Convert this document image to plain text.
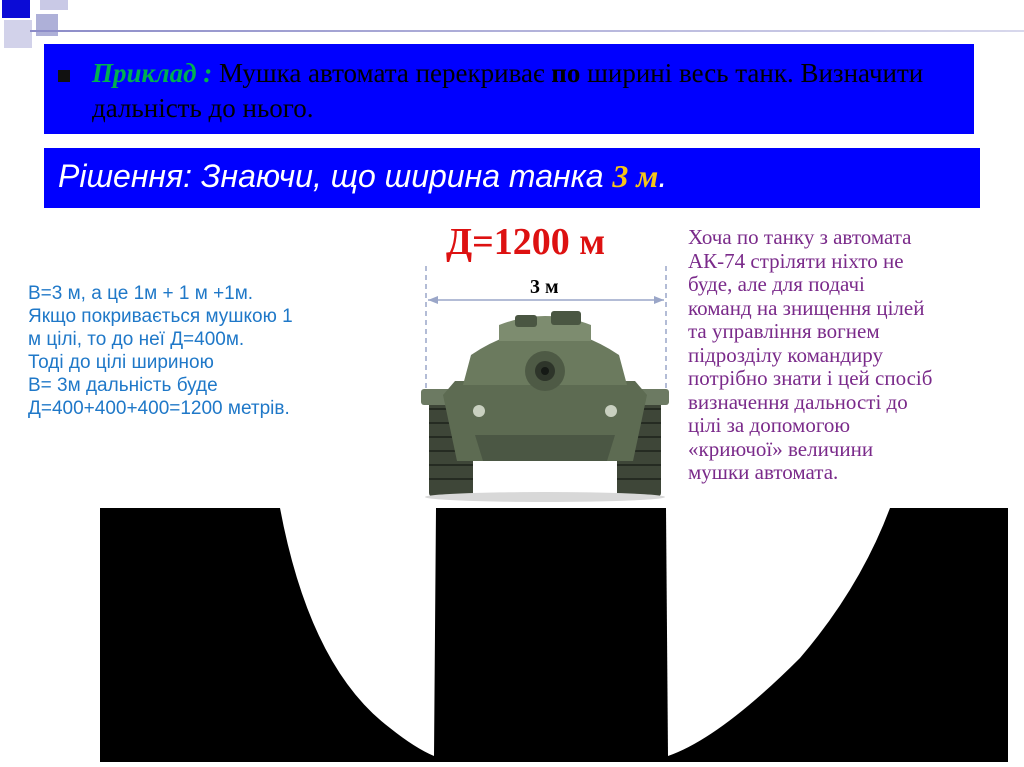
Приклад : Мушка автомата перекриває по ширині весь танк. Визначити дальність до нього.
Рішення: Знаючи, що ширина танка 3 м.
Д=1200 м
3 м
В=3 м, а це 1м + 1 м +1м.
Якщо покривається мушкою 1
м цілі, то до неї Д=400м.
Тоді до цілі шириною
В= 3м дальність буде
Д=400+400+400=1200 метрів.
Хоча по танку з автомата
АК-74 стріляти ніхто не
буде, але для подачі
команд на знищення цілей
та управління вогнем
підрозділу командиру
потрібно знати і цей спосіб
визначення дальності до
цілі за допомогою
«криючої» величини
мушки автомата.
